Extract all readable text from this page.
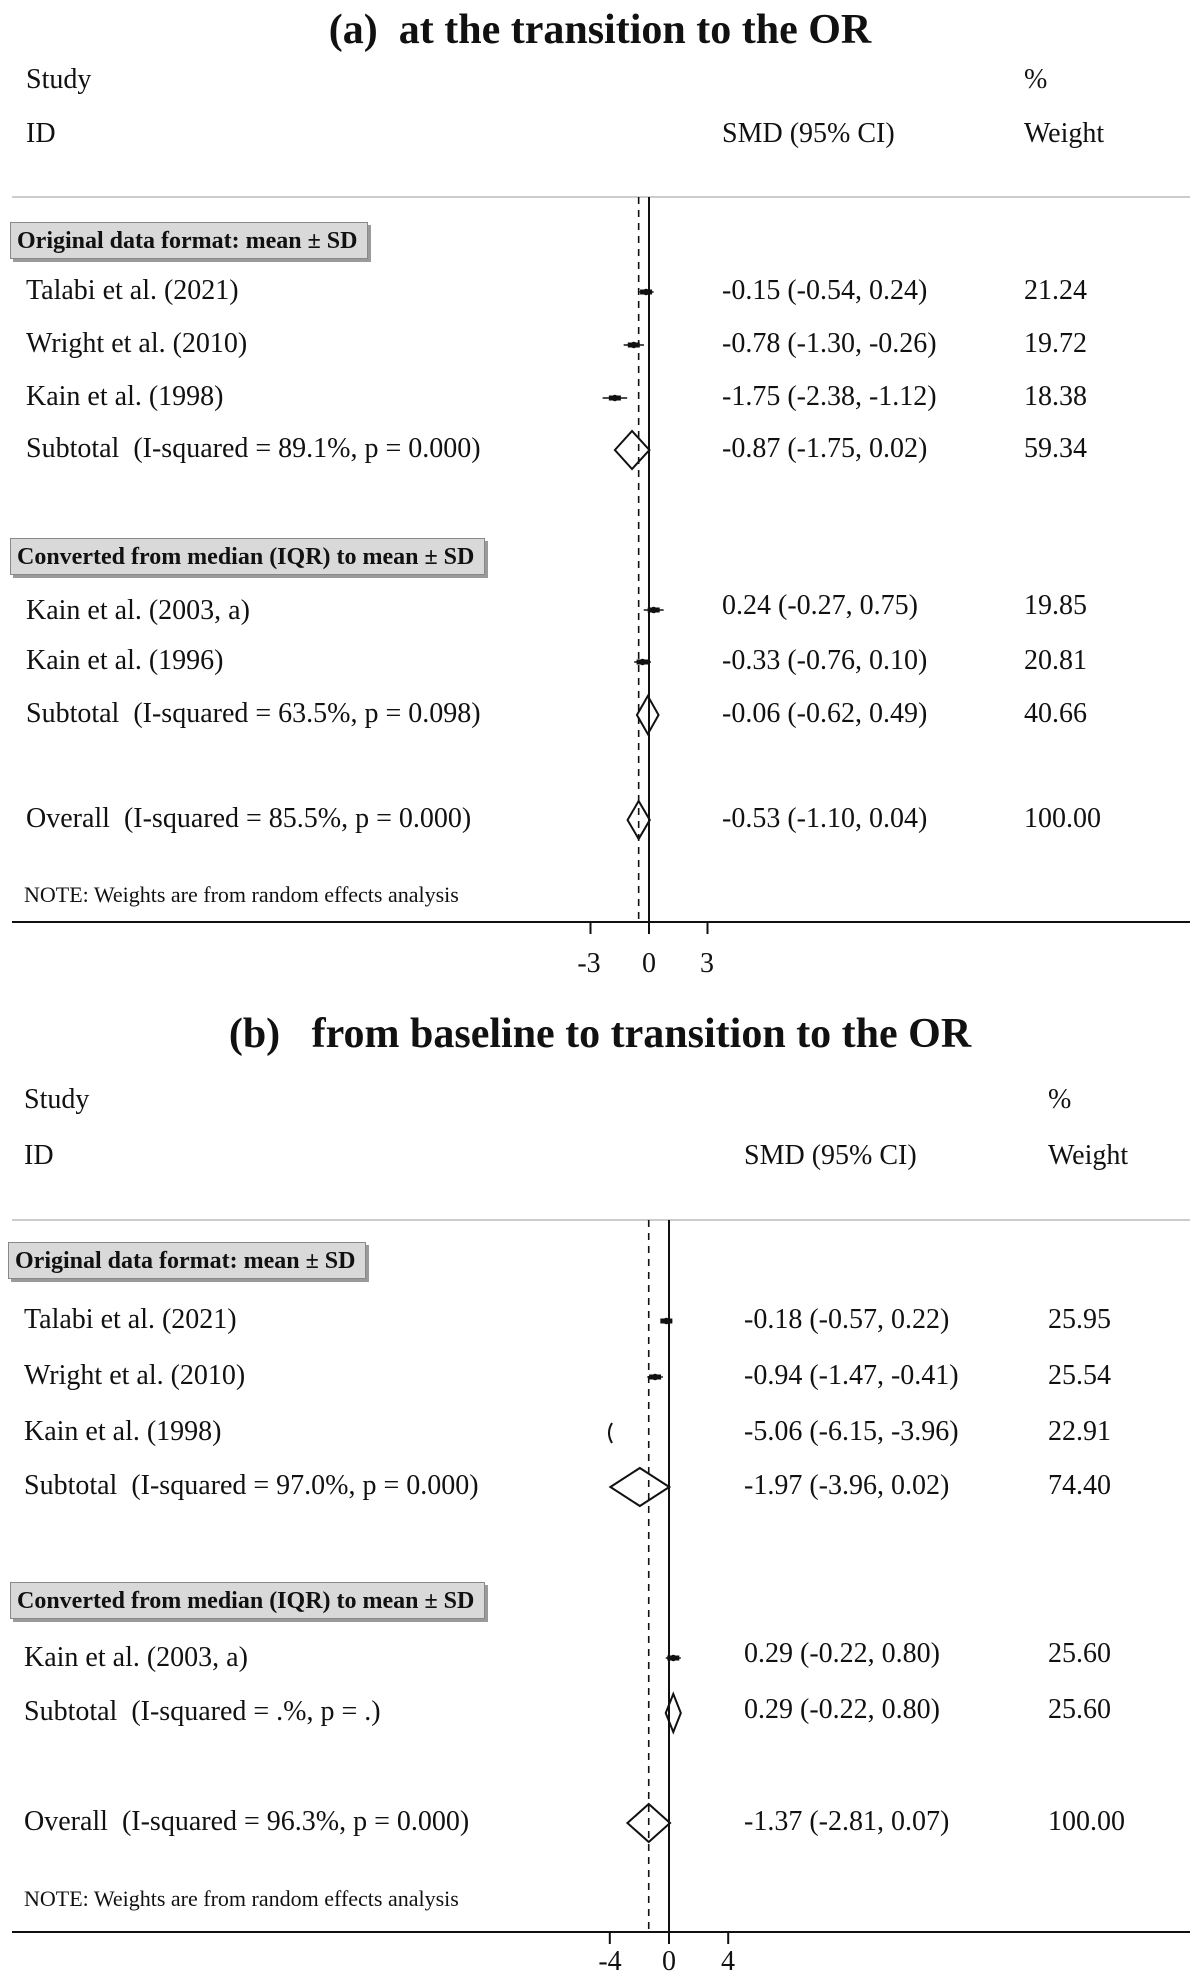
(a)  at the transition to the OR
Study
ID	SMD (95% CI)
%
Weight
Original data format: mean ± SD
Talabi et al. (2021)
Wright et al. (2010)
Kain et al. (1998)
Subtotal  (I-squared = 89.1%, p = 0.000)
Converted from median (IQR) to mean ± SD
Kain et al. (2003, a)
Kain et al. (1996)
Subtotal  (I-squared = 63.5%, p = 0.098)
Overall  (I-squared = 85.5%, p = 0.000)
-0.15 (-0.54, 0.24)
-0.78 (-1.30, -0.26)
-1.75 (-2.38, -1.12)
-0.87 (-1.75, 0.02)
0.24 (-0.27, 0.75)
-0.33 (-0.76, 0.10)
-0.06 (-0.62, 0.49)
-0.53 (-1.10, 0.04)
21.24
19.72
18.38
59.34
19.85
20.81
40.66
100.00
NOTE: Weights are from random effects analysis
-3 0 3
(b)   from baseline to transition to the OR
Study
ID	SMD (95% CI)
%
Weight
Original data format: mean ± SD
Talabi et al. (2021)
Wright et al. (2010)
Kain et al. (1998)
Subtotal  (I-squared = 97.0%, p = 0.000)
Converted from median (IQR) to mean ± SD
Kain et al. (2003, a)
Subtotal  (I-squared = .%, p = .)
Overall  (I-squared = 96.3%, p = 0.000)
-0.18 (-0.57, 0.22)
-0.94 (-1.47, -0.41)
-5.06 (-6.15, -3.96)
-1.97 (-3.96, 0.02)
0.29 (-0.22, 0.80)
0.29 (-0.22, 0.80)
-1.37 (-2.81, 0.07)
25.95
25.54
22.91
74.40
25.60
25.60
100.00
NOTE: Weights are from random effects analysis
-4 0 4
